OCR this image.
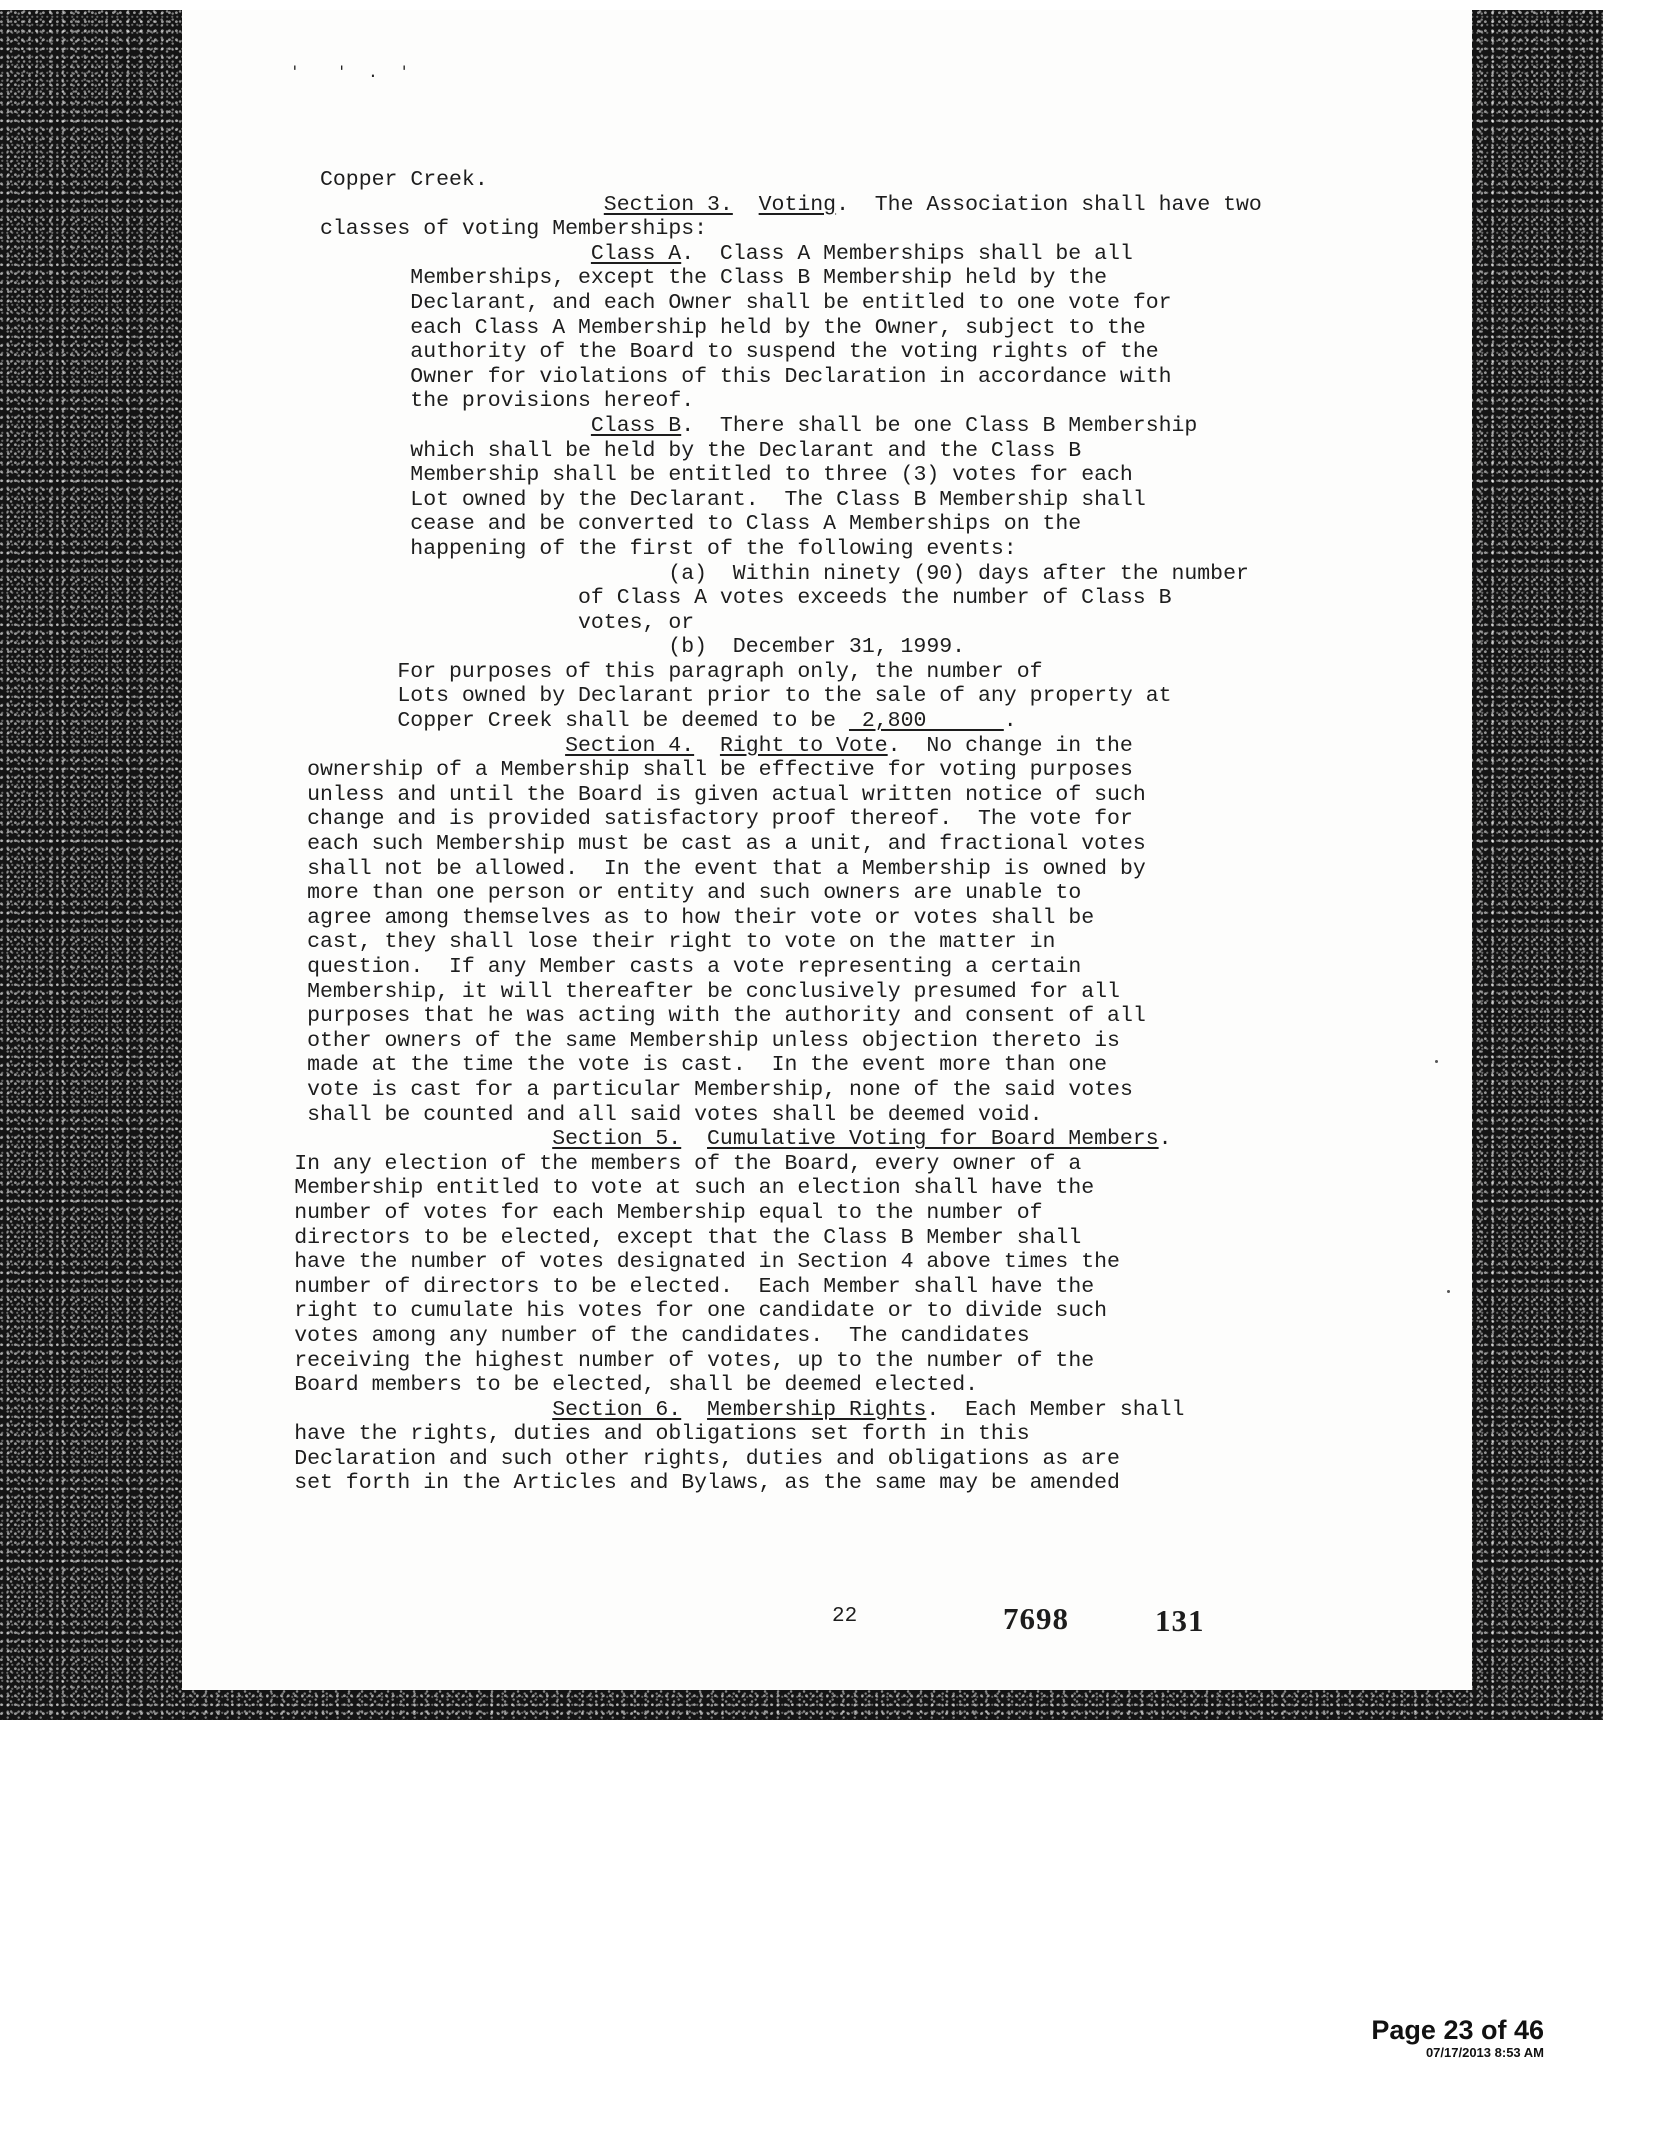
'  ' . '
Copper Creek.
Section 3. Voting.  The Association shall have two
classes of voting Memberships:
Class A.  Class A Memberships shall be all
Memberships, except the Class B Membership held by the
Declarant, and each Owner shall be entitled to one vote for
each Class A Membership held by the Owner, subject to the
authority of the Board to suspend the voting rights of the
Owner for violations of this Declaration in accordance with
the provisions hereof.
Class B.  There shall be one Class B Membership
which shall be held by the Declarant and the Class B
Membership shall be entitled to three (3) votes for each
Lot owned by the Declarant.  The Class B Membership shall
cease and be converted to Class A Memberships on the
happening of the first of the following events:
(a)  Within ninety (90) days after the number
of Class A votes exceeds the number of Class B
votes, or
(b)  December 31, 1999.
For purposes of this paragraph only, the number of
Lots owned by Declarant prior to the sale of any property at
Copper Creek shall be deemed to be  2,800      .
Section 4. Right to Vote.  No change in the
ownership of a Membership shall be effective for voting purposes
unless and until the Board is given actual written notice of such
change and is provided satisfactory proof thereof.  The vote for
each such Membership must be cast as a unit, and fractional votes
shall not be allowed.  In the event that a Membership is owned by
more than one person or entity and such owners are unable to
agree among themselves as to how their vote or votes shall be
cast, they shall lose their right to vote on the matter in
question.  If any Member casts a vote representing a certain
Membership, it will thereafter be conclusively presumed for all
purposes that he was acting with the authority and consent of all
other owners of the same Membership unless objection thereto is
made at the time the vote is cast.  In the event more than one
vote is cast for a particular Membership, none of the said votes
shall be counted and all said votes shall be deemed void.
Section 5. Cumulative Voting for Board Members.
In any election of the members of the Board, every owner of a
Membership entitled to vote at such an election shall have the
number of votes for each Membership equal to the number of
directors to be elected, except that the Class B Member shall
have the number of votes designated in Section 4 above times the
number of directors to be elected.  Each Member shall have the
right to cumulate his votes for one candidate or to divide such
votes among any number of the candidates.  The candidates
receiving the highest number of votes, up to the number of the
Board members to be elected, shall be deemed elected.
Section 6. Membership Rights.  Each Member shall
have the rights, duties and obligations set forth in this
Declaration and such other rights, duties and obligations as are
set forth in the Articles and Bylaws, as the same may be amended
22	7698	131
Page 23 of 46
07/17/2013 8:53 AM
